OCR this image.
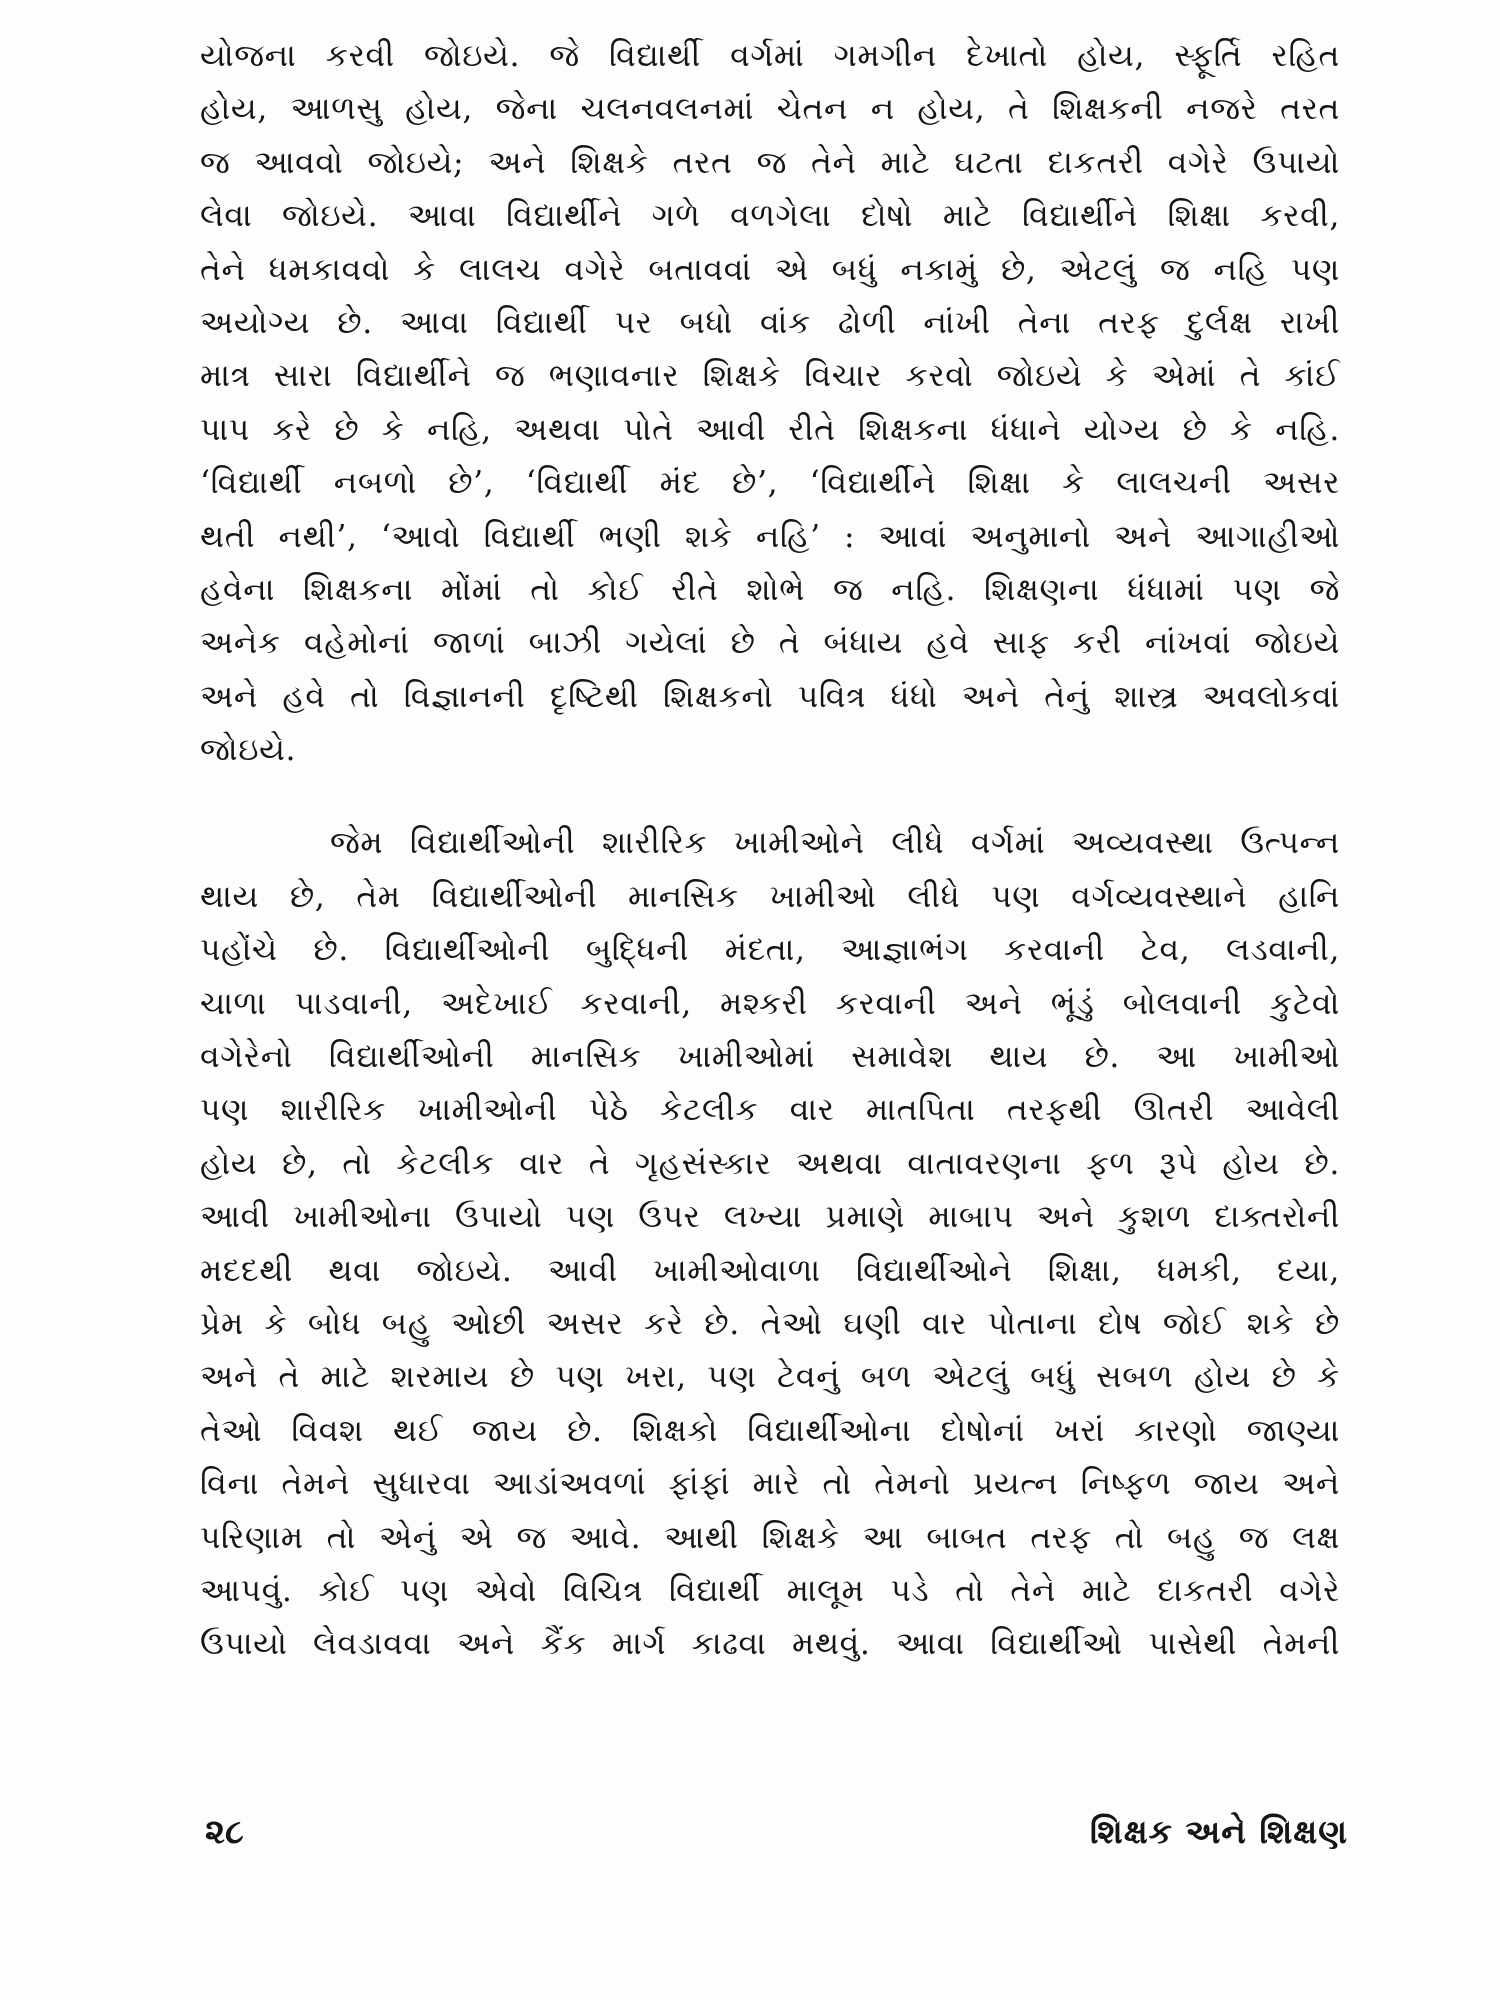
યોજના કરવી જોઇયે. જે વિદ્યાર્થી વર્ગમાં ગમગીન દેખાતો હોય, સ્ફૂર્તિ રહિત
હોય, આળસુ હોય, જેના ચલનવલનમાં ચેતન ન હોય, તે શિક્ષકની નજરે તરત
જ આવવો જોઇયે; અને શિક્ષકે તરત જ તેને માટે ઘટતા દાકતરી વગેરે ઉપાયો
લેવા જોઇયે. આવા વિદ્યાર્થીને ગળે વળગેલા દોષો માટે વિદ્યાર્થીને શિક્ષા કરવી,
તેને ધમકાવવો કે લાલચ વગેરે બતાવવાં એ બધું નકામું છે, એટલું જ નહિ પણ
અયોગ્ય છે. આવા વિદ્યાર્થી પર બધો વાંક ઢોળી નાંખી તેના તરફ દુર્લક્ષ રાખી
માત્ર સારા વિદ્યાર્થીને જ ભણાવનાર શિક્ષકે વિચાર કરવો જોઇયે કે એમાં તે કાંઈ
પાપ કરે છે કે નહિ, અથવા પોતે આવી રીતે શિક્ષકના ધંધાને યોગ્ય છે કે નહિ.
‘વિદ્યાર્થી નબળો છે’, ‘વિદ્યાર્થી મંદ છે’, ‘વિદ્યાર્થીને શિક્ષા કે લાલચની અસર
થતી નથી’, ‘આવો વિદ્યાર્થી ભણી શકે નહિ’ : આવાં અનુમાનો અને આગાહીઓ
હવેના શિક્ષકના મોંમાં તો કોઈ રીતે શોભે જ નહિ. શિક્ષણના ધંધામાં પણ જે
અનેક વહેમોનાં જાળાં બાઝી ગયેલાં છે તે બંધાય હવે સાફ કરી નાંખવાં જોઇયે
અને હવે તો વિજ્ઞાનની દૃષ્ટિથી શિક્ષકનો પવિત્ર ધંધો અને તેનું શાસ્ત્ર અવલોકવાં
જોઇયે.
જેમ વિદ્યાર્થીઓની શારીરિક ખામીઓને લીધે વર્ગમાં અવ્યવસ્થા ઉત્પન્ન
થાય છે, તેમ વિદ્યાર્થીઓની માનસિક ખામીઓ લીધે પણ વર્ગવ્યવસ્થાને હાનિ
પહોંચે છે. વિદ્યાર્થીઓની બુદ્ધિની મંદતા, આજ્ઞાભંગ કરવાની ટેવ, લડવાની,
ચાળા પાડવાની, અદેખાઈ કરવાની, મશ્કરી કરવાની અને ભૂંડું બોલવાની કુટેવો
વગેરેનો વિદ્યાર્થીઓની માનસિક ખામીઓમાં સમાવેશ થાય છે. આ ખામીઓ
પણ શારીરિક ખામીઓની પેઠે કેટલીક વાર માતપિતા તરફથી ઊતરી આવેલી
હોય છે, તો કેટલીક વાર તે ગૃહસંસ્કાર અથવા વાતાવરણના ફળ રૂપે હોય છે.
આવી ખામીઓના ઉપાયો પણ ઉપર લખ્યા પ્રમાણે માબાપ અને કુશળ દાક્તરોની
મદદથી થવા જોઇયે. આવી ખામીઓવાળા વિદ્યાર્થીઓને શિક્ષા, ધમકી, દયા,
પ્રેમ કે બોધ બહુ ઓછી અસર કરે છે. તેઓ ઘણી વાર પોતાના દોષ જોઈ શકે છે
અને તે માટે શરમાય છે પણ ખરા, પણ ટેવનું બળ એટલું બધું સબળ હોય છે કે
તેઓ વિવશ થઈ જાય છે. શિક્ષકો વિદ્યાર્થીઓના દોષોનાં ખરાં કારણો જાણ્યા
વિના તેમને સુધારવા આડાંઅવળાં ફાંફાં મારે તો તેમનો પ્રયત્ન નિષ્ફળ જાય અને
પરિણામ તો એનું એ જ આવે. આથી શિક્ષકે આ બાબત તરફ તો બહુ જ લક્ષ
આપવું. કોઈ પણ એવો વિચિત્ર વિદ્યાર્થી માલૂમ પડે તો તેને માટે દાકતરી વગેરે
ઉપાયો લેવડાવવા અને કૈંક માર્ગ કાઢવા મથવું. આવા વિદ્યાર્થીઓ પાસેથી તેમની
૨૮	શિક્ષક અને શિક્ષણ
